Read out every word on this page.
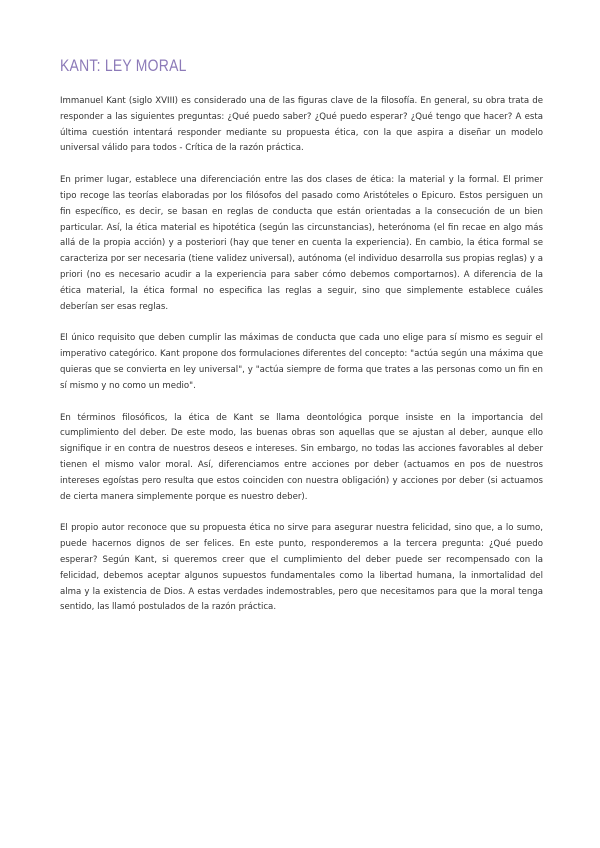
KANT: LEY MORAL

Immanuel Kant (siglo XVIII) es considerado una de las figuras clave de la filosofía. En general, su obra trata de responder a las siguientes preguntas: ¿Qué puedo saber? ¿Qué puedo esperar? ¿Qué tengo que hacer? A esta última cuestión intentará responder mediante su propuesta ética, con la que aspira a diseñar un modelo universal válido para todos - Crítica de la razón práctica.

En primer lugar, establece una diferenciación entre las dos clases de ética: la material y la formal. El primer tipo recoge las teorías elaboradas por los filósofos del pasado como Aristóteles o Epicuro. Estos persiguen un fin específico, es decir, se basan en reglas de conducta que están orientadas a la consecución de un bien particular. Así, la ética material es hipotética (según las circunstancias), heterónoma (el fin recae en algo más allá de la propia acción) y a posteriori (hay que tener en cuenta la experiencia). En cambio, la ética formal se caracteriza por ser necesaria (tiene validez universal), autónoma (el individuo desarrolla sus propias reglas) y a priori (no es necesario acudir a la experiencia para saber cómo debemos comportarnos). A diferencia de la ética material, la ética formal no especifica las reglas a seguir, sino que simplemente establece cuáles deberían ser esas reglas.

El único requisito que deben cumplir las máximas de conducta que cada uno elige para sí mismo es seguir el imperativo categórico. Kant propone dos formulaciones diferentes del concepto: "actúa según una máxima que quieras que se convierta en ley universal", y "actúa siempre de forma que trates a las personas como un fin en sí mismo y no como un medio".

En términos filosóficos, la ética de Kant se llama deontológica porque insiste en la importancia del cumplimiento del deber. De este modo, las buenas obras son aquellas que se ajustan al deber, aunque ello signifique ir en contra de nuestros deseos e intereses. Sin embargo, no todas las acciones favorables al deber tienen el mismo valor moral. Así, diferenciamos entre acciones por deber (actuamos en pos de nuestros intereses egoístas pero resulta que estos coinciden con nuestra obligación) y acciones por deber (si actuamos de cierta manera simplemente porque es nuestro deber).

El propio autor reconoce que su propuesta ética no sirve para asegurar nuestra felicidad, sino que, a lo sumo, puede hacernos dignos de ser felices. En este punto, responderemos a la tercera pregunta: ¿Qué puedo esperar? Según Kant, si queremos creer que el cumplimiento del deber puede ser recompensado con la felicidad, debemos aceptar algunos supuestos fundamentales como la libertad humana, la inmortalidad del alma y la existencia de Dios. A estas verdades indemostrables, pero que necesitamos para que la moral tenga sentido, las llamó postulados de la razón práctica.
